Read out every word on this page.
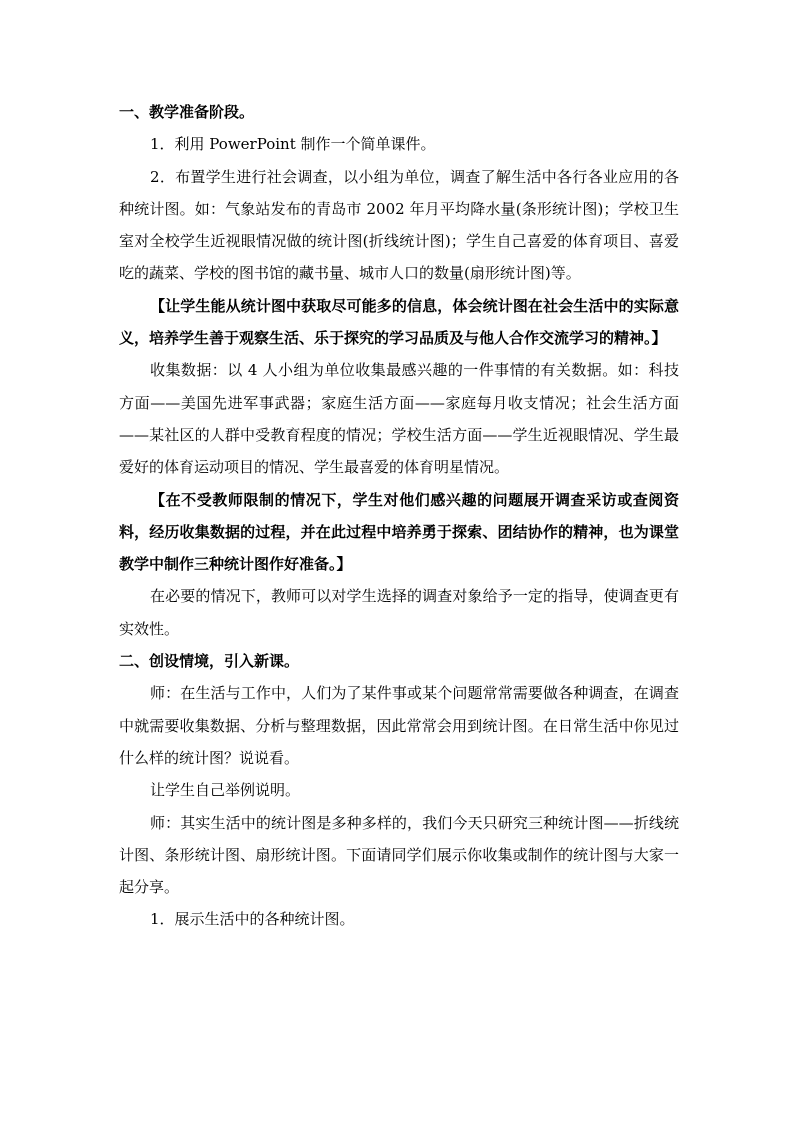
一、教学准备阶段。

1．利用 PowerPoint 制作一个简单课件。

2．布置学生进行社会调查，以小组为单位，调查了解生活中各行各业应用的各种统计图。如：气象站发布的青岛市 2002 年月平均降水量(条形统计图)；学校卫生室对全校学生近视眼情况做的统计图(折线统计图)；学生自己喜爱的体育项目、喜爱吃的蔬菜、学校的图书馆的藏书量、城市人口的数量(扇形统计图)等。

【让学生能从统计图中获取尽可能多的信息，体会统计图在社会生活中的实际意义，培养学生善于观察生活、乐于探究的学习品质及与他人合作交流学习的精神。】

收集数据：以 4 人小组为单位收集最感兴趣的一件事情的有关数据。如：科技方面——美国先进军事武器；家庭生活方面——家庭每月收支情况；社会生活方面——某社区的人群中受教育程度的情况；学校生活方面——学生近视眼情况、学生最爱好的体育运动项目的情况、学生最喜爱的体育明星情况。

【在不受教师限制的情况下，学生对他们感兴趣的问题展开调查采访或查阅资料，经历收集数据的过程，并在此过程中培养勇于探索、团结协作的精神，也为课堂教学中制作三种统计图作好准备。】

在必要的情况下，教师可以对学生选择的调查对象给予一定的指导，使调查更有实效性。

二、创设情境，引入新课。

师：在生活与工作中，人们为了某件事或某个问题常常需要做各种调查，在调查中就需要收集数据、分析与整理数据，因此常常会用到统计图。在日常生活中你见过什么样的统计图？说说看。

让学生自己举例说明。

师：其实生活中的统计图是多种多样的，我们今天只研究三种统计图——折线统计图、条形统计图、扇形统计图。下面请同学们展示你收集或制作的统计图与大家一起分享。

1．展示生活中的各种统计图。
